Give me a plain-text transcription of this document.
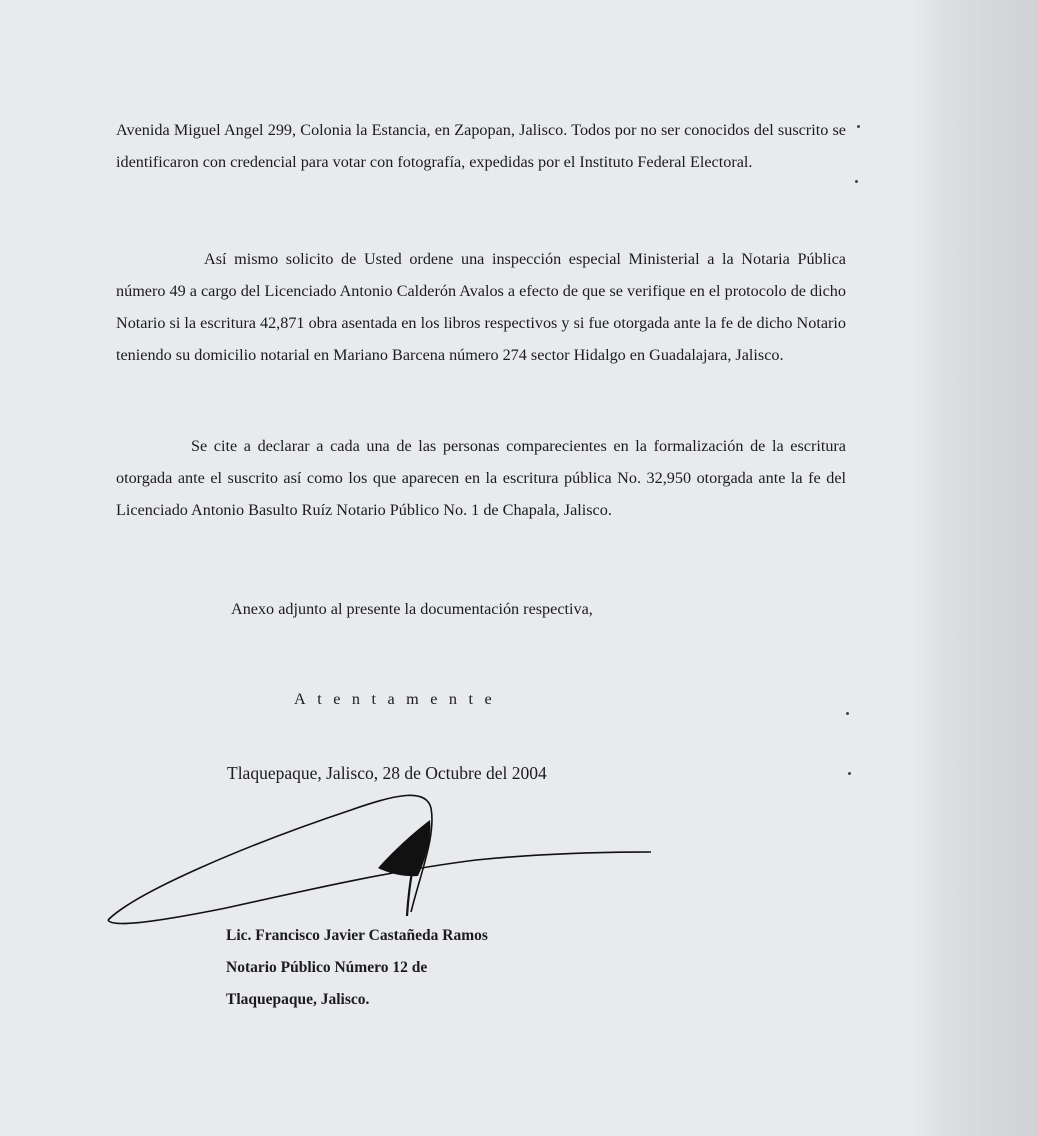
Avenida Miguel Angel 299, Colonia la Estancia, en Zapopan, Jalisco. Todos por no ser conocidos del suscrito se identificaron con credencial para votar con fotografía, expedidas por el Instituto Federal Electoral.

Así mismo solicito de Usted ordene una inspección especial Ministerial a la Notaria Pública número 49 a cargo del Licenciado Antonio Calderón Avalos a efecto de que se verifique en el protocolo de dicho Notario si la escritura 42,871 obra asentada en los libros respectivos y si fue otorgada ante la fe de dicho Notario teniendo su domicilio notarial en Mariano Barcena número 274 sector Hidalgo en Guadalajara, Jalisco.

Se cite a declarar a cada una de las personas comparecientes en la formalización de la escritura otorgada ante el suscrito así como los que aparecen en la escritura pública No. 32,950 otorgada ante la fe del Licenciado Antonio Basulto Ruíz Notario Público No. 1 de Chapala, Jalisco.

Anexo adjunto al presente la documentación respectiva,

Atentamente

Tlaquepaque, Jalisco, 28 de Octubre del 2004

Lic. Francisco Javier Castañeda Ramos
Notario Público Número 12 de
Tlaquepaque, Jalisco.
